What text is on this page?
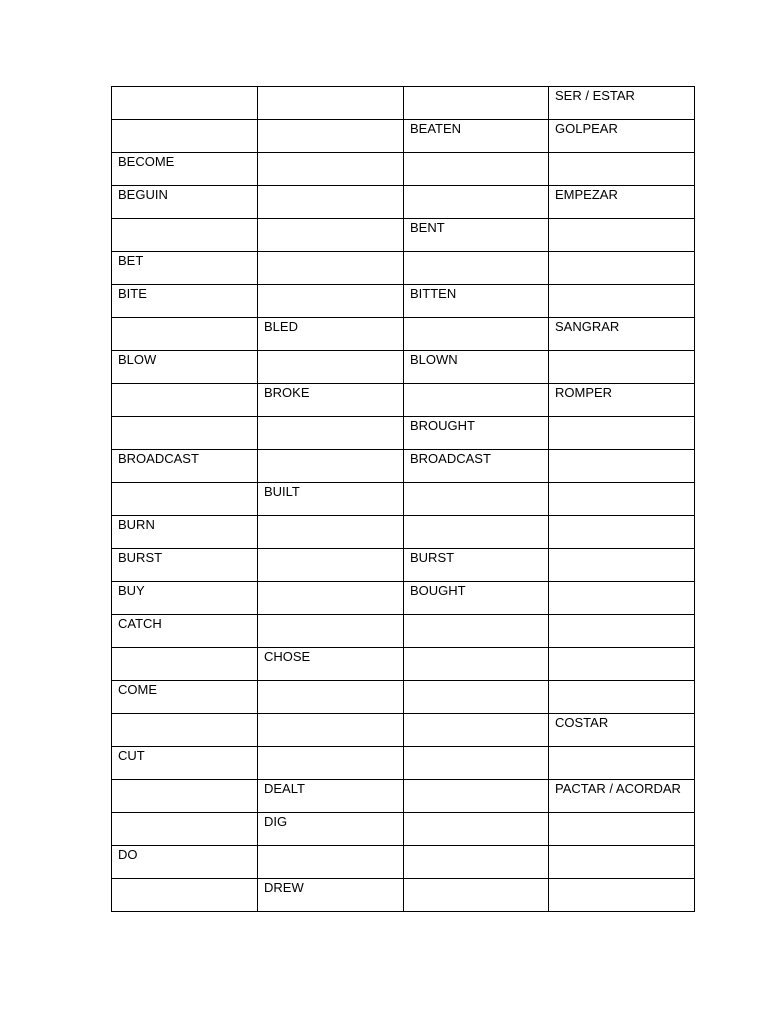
			SER / ESTAR

		BEATEN	GOLPEAR

BECOME			

BEGUIN			EMPEZAR

		BENT	

BET			

BITE		BITTEN	

	BLED		SANGRAR

BLOW		BLOWN	

	BROKE		ROMPER

		BROUGHT	

BROADCAST		BROADCAST	

	BUILT		

BURN			

BURST		BURST	

BUY		BOUGHT	

CATCH			

	CHOSE		

COME			

			COSTAR

CUT			

	DEALT		PACTAR / ACORDAR

	DIG		

DO			

	DREW		
